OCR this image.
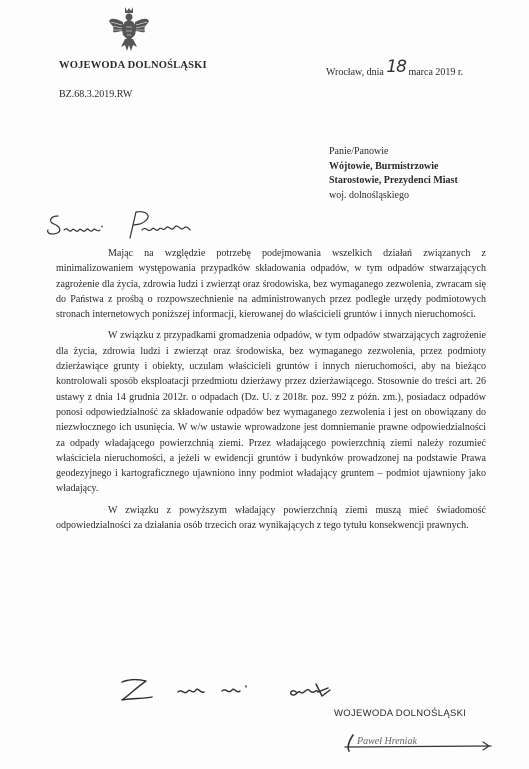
WOJEWODA DOLNOŚLĄSKI
BZ.68.3.2019.RW
Wrocław, dnia 18 marca 2019 r.
Panie/Panowie
Wójtowie, Burmistrzowie
Starostowie, Prezydenci Miast
woj. dolnośląskiego

Mając na względzie potrzebę podejmowania wszelkich działań związanych z minimalizowaniem występowania przypadków składowania odpadów, w tym odpadów stwarzających zagrożenie dla życia, zdrowia ludzi i zwierząt oraz środowiska, bez wymaganego zezwolenia, zwracam się do Państwa z prośbą o rozpowszechnienie na administrowanych przez podległe urzędy podmiotowych stronach internetowych poniższej informacji, kierowanej do właścicieli gruntów i innych nieruchomości.

W związku z przypadkami gromadzenia odpadów, w tym odpadów stwarzających zagrożenie dla życia, zdrowia ludzi i zwierząt oraz środowiska, bez wymaganego zezwolenia, przez podmioty dzierżawiące grunty i obiekty, uczulam właścicieli gruntów i innych nieruchomości, aby na bieżąco kontrolowali sposób eksploatacji przedmiotu dzierżawy przez dzierżawiącego. Stosownie do treści art. 26 ustawy z dnia 14 grudnia 2012r. o odpadach (Dz. U. z 2018r. poz. 992 z późn. zm.), posiadacz odpadów ponosi odpowiedzialność za składowanie odpadów bez wymaganego zezwolenia i jest on obowiązany do niezwłocznego ich usunięcia. W w/w ustawie wprowadzone jest domniemanie prawne odpowiedzialności za odpady władającego powierzchnią ziemi. Przez władającego powierzchnią ziemi należy rozumieć właściciela nieruchomości, a jeżeli w ewidencji gruntów i budynków prowadzonej na podstawie Prawa geodezyjnego i kartograficznego ujawniono inny podmiot władający gruntem – podmiot ujawniony jako władający.

W związku z powyższym władający powierzchnią ziemi muszą mieć świadomość odpowiedzialności za działania osób trzecich oraz wynikających z tego tytułu konsekwencji prawnych.

WOJEWODA DOLNOŚLĄSKI
Paweł Hreniak
